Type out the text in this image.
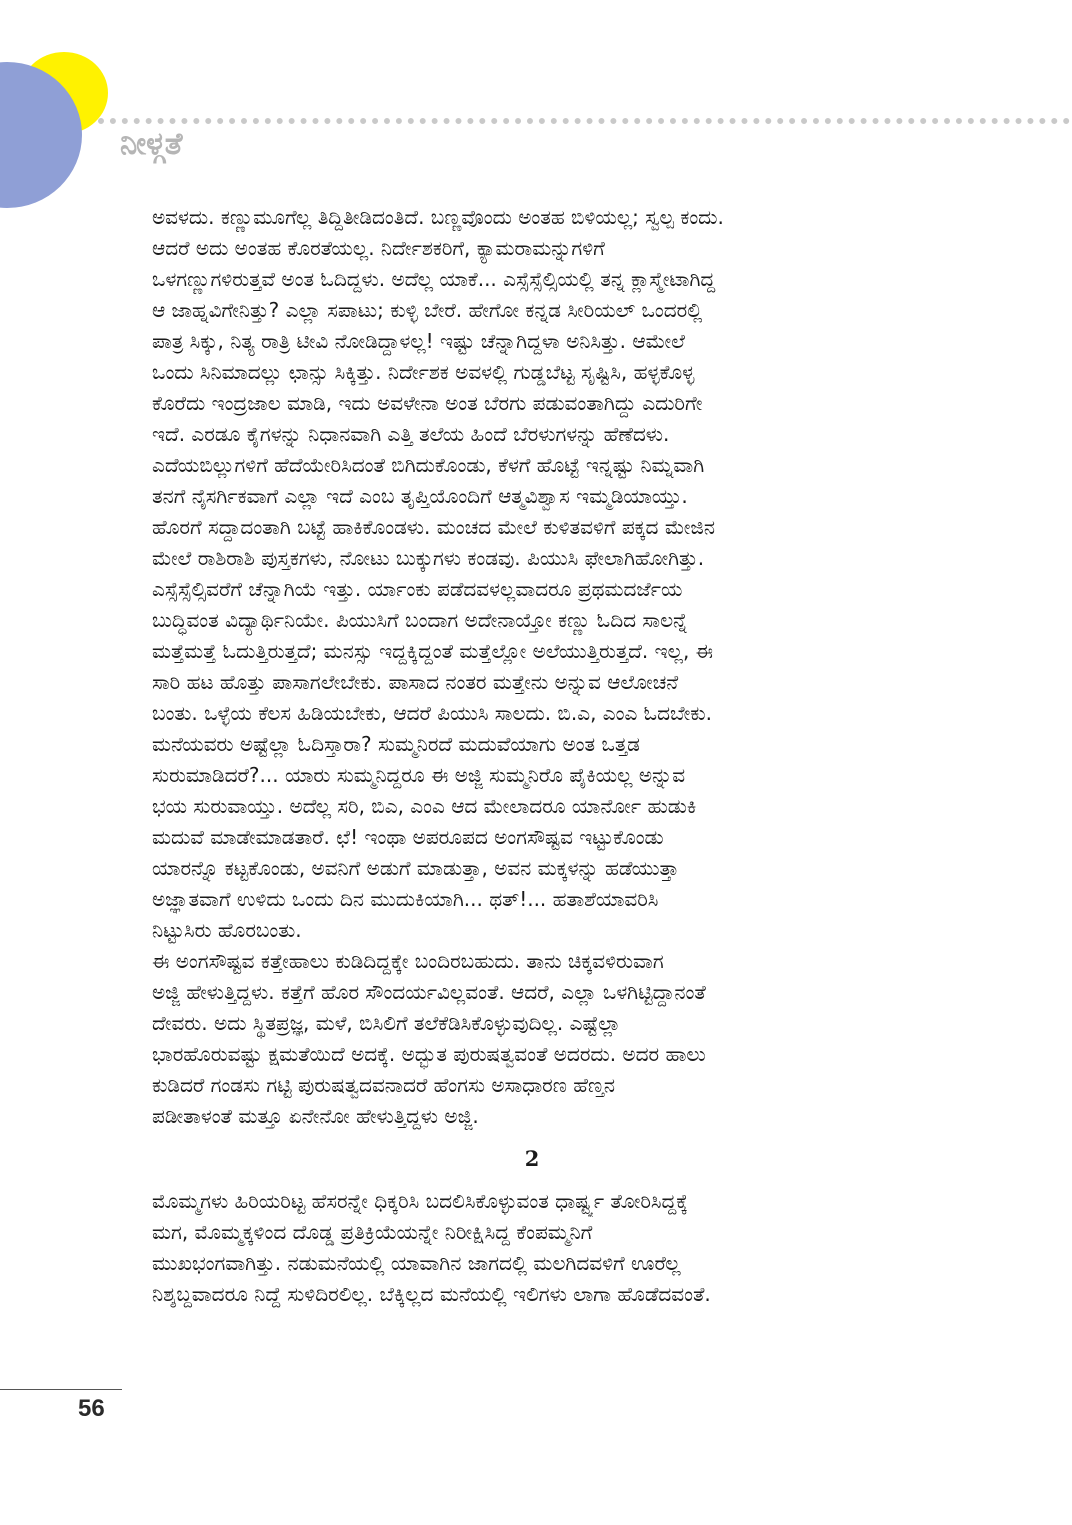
ನೀಳ್ಗತೆ
ಅವಳದು. ಕಣ್ಣುಮೂಗೆಲ್ಲ ತಿದ್ದಿತೀಡಿದಂತಿದೆ. ಬಣ್ಣವೊಂದು ಅಂತಹ ಬಿಳಿಯಲ್ಲ; ಸ್ವಲ್ಪ ಕಂದು.
ಆದರೆ ಅದು ಅಂತಹ ಕೊರತೆಯಲ್ಲ. ನಿರ್ದೇಶಕರಿಗೆ, ಕ್ಯಾಮರಾಮನ್ನುಗಳಿಗೆ
ಒಳಗಣ್ಣುಗಳಿರುತ್ತವೆ ಅಂತ ಓದಿದ್ದಳು. ಅದೆಲ್ಲ ಯಾಕೆ... ಎಸ್ಸೆಸ್ಸೆಲ್ಸಿಯಲ್ಲಿ ತನ್ನ ಕ್ಲಾಸ್ಮೇಟಾಗಿದ್ದ
ಆ ಜಾಹ್ನವಿಗೇನಿತ್ತು? ಎಲ್ಲಾ ಸಪಾಟು; ಕುಳ್ಳಿ ಬೇರೆ. ಹೇಗೋ ಕನ್ನಡ ಸೀರಿಯಲ್ ಒಂದರಲ್ಲಿ
ಪಾತ್ರ ಸಿಕ್ಕು, ನಿತ್ಯ ರಾತ್ರಿ ಟೀವಿ ನೋಡಿದ್ದಾಳಲ್ಲ! ಇಷ್ಟು ಚೆನ್ನಾಗಿದ್ದಳಾ ಅನಿಸಿತ್ತು. ಆಮೇಲೆ
ಒಂದು ಸಿನಿಮಾದಲ್ಲು ಛಾನ್ಸು ಸಿಕ್ಕಿತ್ತು. ನಿರ್ದೇಶಕ ಅವಳಲ್ಲಿ ಗುಡ್ಡಬೆಟ್ಟ ಸೃಷ್ಟಿಸಿ, ಹಳ್ಳಕೊಳ್ಳ
ಕೊರೆದು ಇಂದ್ರಜಾಲ ಮಾಡಿ, ಇದು ಅವಳೇನಾ ಅಂತ ಬೆರಗು ಪಡುವಂತಾಗಿದ್ದು ಎದುರಿಗೇ
ಇದೆ. ಎರಡೂ ಕೈಗಳನ್ನು ನಿಧಾನವಾಗಿ ಎತ್ತಿ ತಲೆಯ ಹಿಂದೆ ಬೆರಳುಗಳನ್ನು ಹೆಣೆದಳು.
ಎದೆಯಬಿಲ್ಲುಗಳಿಗೆ ಹೆದೆಯೇರಿಸಿದಂತೆ ಬಿಗಿದುಕೊಂಡು, ಕೆಳಗೆ ಹೊಟ್ಟೆ ಇನ್ನಷ್ಟು ನಿಮ್ನವಾಗಿ
ತನಗೆ ನೈಸರ್ಗಿಕವಾಗೆ ಎಲ್ಲಾ ಇದೆ ಎಂಬ ತೃಪ್ತಿಯೊಂದಿಗೆ ಆತ್ಮವಿಶ್ವಾಸ ಇಮ್ಮಡಿಯಾಯ್ತು.
ಹೊರಗೆ ಸದ್ದಾದಂತಾಗಿ ಬಟ್ಟೆ ಹಾಕಿಕೊಂಡಳು. ಮಂಚದ ಮೇಲೆ ಕುಳಿತವಳಿಗೆ ಪಕ್ಕದ ಮೇಜಿನ
ಮೇಲೆ ರಾಶಿರಾಶಿ ಪುಸ್ತಕಗಳು, ನೋಟು ಬುಕ್ಕುಗಳು ಕಂಡವು. ಪಿಯುಸಿ ಫೇಲಾಗಿಹೋಗಿತ್ತು.
ಎಸ್ಸೆಸ್ಸೆಲ್ಸಿವರೆಗೆ ಚೆನ್ನಾಗಿಯೆ ಇತ್ತು. ರ್ಯಾಂಕು ಪಡೆದವಳಲ್ಲವಾದರೂ ಪ್ರಥಮದರ್ಜೆಯ
ಬುದ್ಧಿವಂತ ವಿದ್ಯಾರ್ಥಿನಿಯೇ. ಪಿಯುಸಿಗೆ ಬಂದಾಗ ಅದೇನಾಯ್ತೋ ಕಣ್ಣು ಓದಿದ ಸಾಲನ್ನೆ
ಮತ್ತೆಮತ್ತೆ ಓದುತ್ತಿರುತ್ತದೆ; ಮನಸ್ಸು ಇದ್ದಕ್ಕಿದ್ದಂತೆ ಮತ್ತೆಲ್ಲೋ ಅಲೆಯುತ್ತಿರುತ್ತದೆ. ಇಲ್ಲ, ಈ
ಸಾರಿ ಹಟ ಹೊತ್ತು ಪಾಸಾಗಲೇಬೇಕು. ಪಾಸಾದ ನಂತರ ಮತ್ತೇನು ಅನ್ನುವ ಆಲೋಚನೆ
ಬಂತು. ಒಳ್ಳೆಯ ಕೆಲಸ ಹಿಡಿಯಬೇಕು, ಆದರೆ ಪಿಯುಸಿ ಸಾಲದು. ಬಿ.ಎ, ಎಂಎ ಓದಬೇಕು.
ಮನೆಯವರು ಅಷ್ಟೆಲ್ಲಾ ಓದಿಸ್ತಾರಾ? ಸುಮ್ಮನಿರದೆ ಮದುವೆಯಾಗು ಅಂತ ಒತ್ತಡ
ಸುರುಮಾಡಿದರೆ?... ಯಾರು ಸುಮ್ಮನಿದ್ದರೂ ಈ ಅಜ್ಜಿ ಸುಮ್ಮನಿರೊ ಪೈಕಿಯಲ್ಲ ಅನ್ನುವ
ಭಯ ಸುರುವಾಯ್ತು. ಅದೆಲ್ಲ ಸರಿ, ಬಿಎ, ಎಂಎ ಆದ ಮೇಲಾದರೂ ಯಾರ್ನೋ ಹುಡುಕಿ
ಮದುವೆ ಮಾಡೇಮಾಡತಾರೆ. ಛೆ! ಇಂಥಾ ಅಪರೂಪದ ಅಂಗಸೌಷ್ಟವ ಇಟ್ಟುಕೊಂಡು
ಯಾರನ್ನೊ ಕಟ್ಟಕೊಂಡು, ಅವನಿಗೆ ಅಡುಗೆ ಮಾಡುತ್ತಾ, ಅವನ ಮಕ್ಕಳನ್ನು ಹಡೆಯುತ್ತಾ
ಅಜ್ಞಾತವಾಗೆ ಉಳಿದು ಒಂದು ದಿನ ಮುದುಕಿಯಾಗಿ... ಥತ್!... ಹತಾಶೆಯಾವರಿಸಿ
ನಿಟ್ಟುಸಿರು ಹೊರಬಂತು.
ಈ ಅಂಗಸೌಷ್ಟವ ಕತ್ತೇಹಾಲು ಕುಡಿದಿದ್ದಕ್ಕೇ ಬಂದಿರಬಹುದು. ತಾನು ಚಿಕ್ಕವಳಿರುವಾಗ
ಅಜ್ಜಿ ಹೇಳುತ್ತಿದ್ದಳು. ಕತ್ತೆಗೆ ಹೊರ ಸೌಂದರ್ಯವಿಲ್ಲವಂತೆ. ಆದರೆ, ಎಲ್ಲಾ ಒಳಗಿಟ್ಟಿದ್ದಾನಂತೆ
ದೇವರು. ಅದು ಸ್ಥಿತಪ್ರಜ್ಞ, ಮಳೆ, ಬಿಸಿಲಿಗೆ ತಲೆಕೆಡಿಸಿಕೊಳ್ಳುವುದಿಲ್ಲ. ಎಷ್ಟೆಲ್ಲಾ
ಭಾರಹೊರುವಷ್ಟು ಕ್ಷಮತೆಯಿದೆ ಅದಕ್ಕೆ. ಅದ್ಭುತ ಪುರುಷತ್ವವಂತೆ ಅದರದು. ಅದರ ಹಾಲು
ಕುಡಿದರೆ ಗಂಡಸು ಗಟ್ಟಿ ಪುರುಷತ್ವದವನಾದರೆ ಹೆಂಗಸು ಅಸಾಧಾರಣ ಹೆಣ್ತನ
ಪಡೀತಾಳಂತೆ ಮತ್ತೂ ಏನೇನೋ ಹೇಳುತ್ತಿದ್ದಳು ಅಜ್ಜಿ.
2
ಮೊಮ್ಮಗಳು ಹಿರಿಯರಿಟ್ಟ ಹೆಸರನ್ನೇ ಧಿಕ್ಕರಿಸಿ ಬದಲಿಸಿಕೊಳ್ಳುವಂತ ಧಾರ್ಷ್ಟ್ಯ ತೋರಿಸಿದ್ದಕ್ಕೆ
ಮಗ, ಮೊಮ್ಮಕ್ಕಳಿಂದ ದೊಡ್ಡ ಪ್ರತಿಕ್ರಿಯೆಯನ್ನೇ ನಿರೀಕ್ಷಿಸಿದ್ದ ಕೆಂಪಮ್ಮನಿಗೆ
ಮುಖಭಂಗವಾಗಿತ್ತು. ನಡುಮನೆಯಲ್ಲಿ ಯಾವಾಗಿನ ಜಾಗದಲ್ಲಿ ಮಲಗಿದವಳಿಗೆ ಊರೆಲ್ಲ
ನಿಶ್ಶಬ್ದವಾದರೂ ನಿದ್ದೆ ಸುಳಿದಿರಲಿಲ್ಲ. ಬೆಕ್ಕಿಲ್ಲದ ಮನೆಯಲ್ಲಿ ಇಲಿಗಳು ಲಾಗಾ ಹೊಡೆದವಂತೆ.
56
